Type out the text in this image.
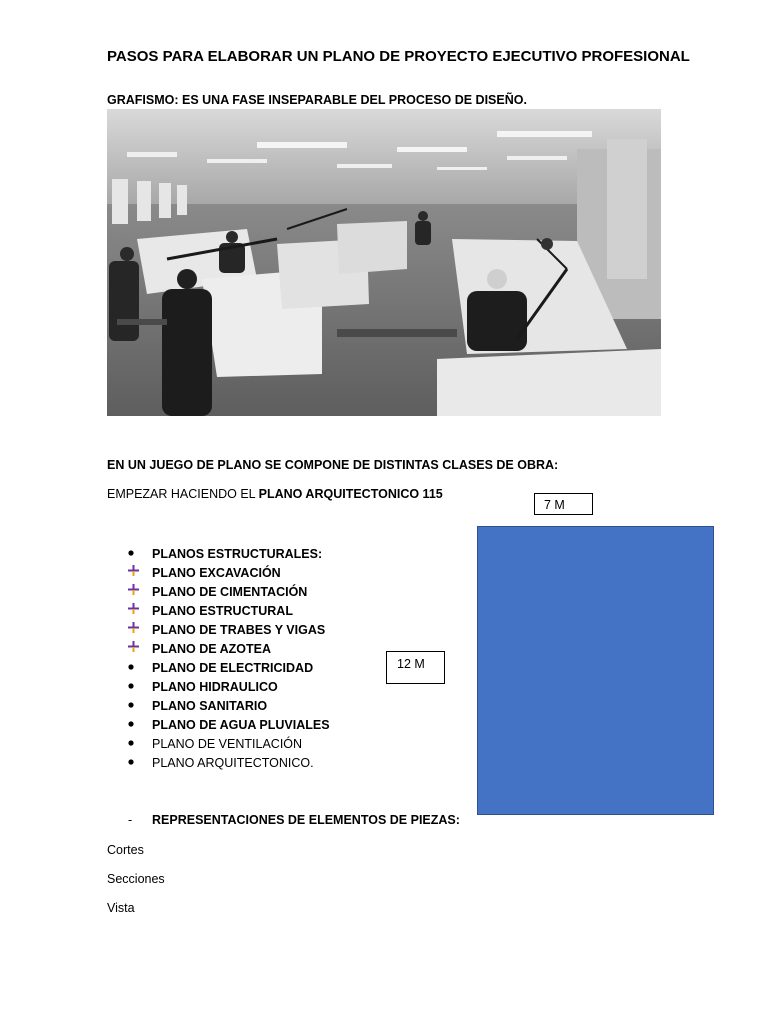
PASOS PARA ELABORAR UN PLANO DE PROYECTO EJECUTIVO PROFESIONAL
GRAFISMO: ES UNA FASE INSEPARABLE DEL PROCESO DE DISEÑO.
EN UN JUEGO DE PLANO SE COMPONE DE DISTINTAS CLASES DE OBRA:
EMPEZAR HACIENDO EL PLANO ARQUITECTONICO 115
7 M
PLANOS ESTRUCTURALES:
PLANO EXCAVACIÓN
PLANO DE CIMENTACIÓN
PLANO ESTRUCTURAL
PLANO DE TRABES Y VIGAS
PLANO DE AZOTEA
PLANO DE ELECTRICIDAD
PLANO HIDRAULICO
PLANO SANITARIO
PLANO DE AGUA PLUVIALES
PLANO DE VENTILACIÓN
PLANO ARQUITECTONICO.
12 M
- REPRESENTACIONES DE ELEMENTOS DE PIEZAS:
Cortes
Secciones
Vista
